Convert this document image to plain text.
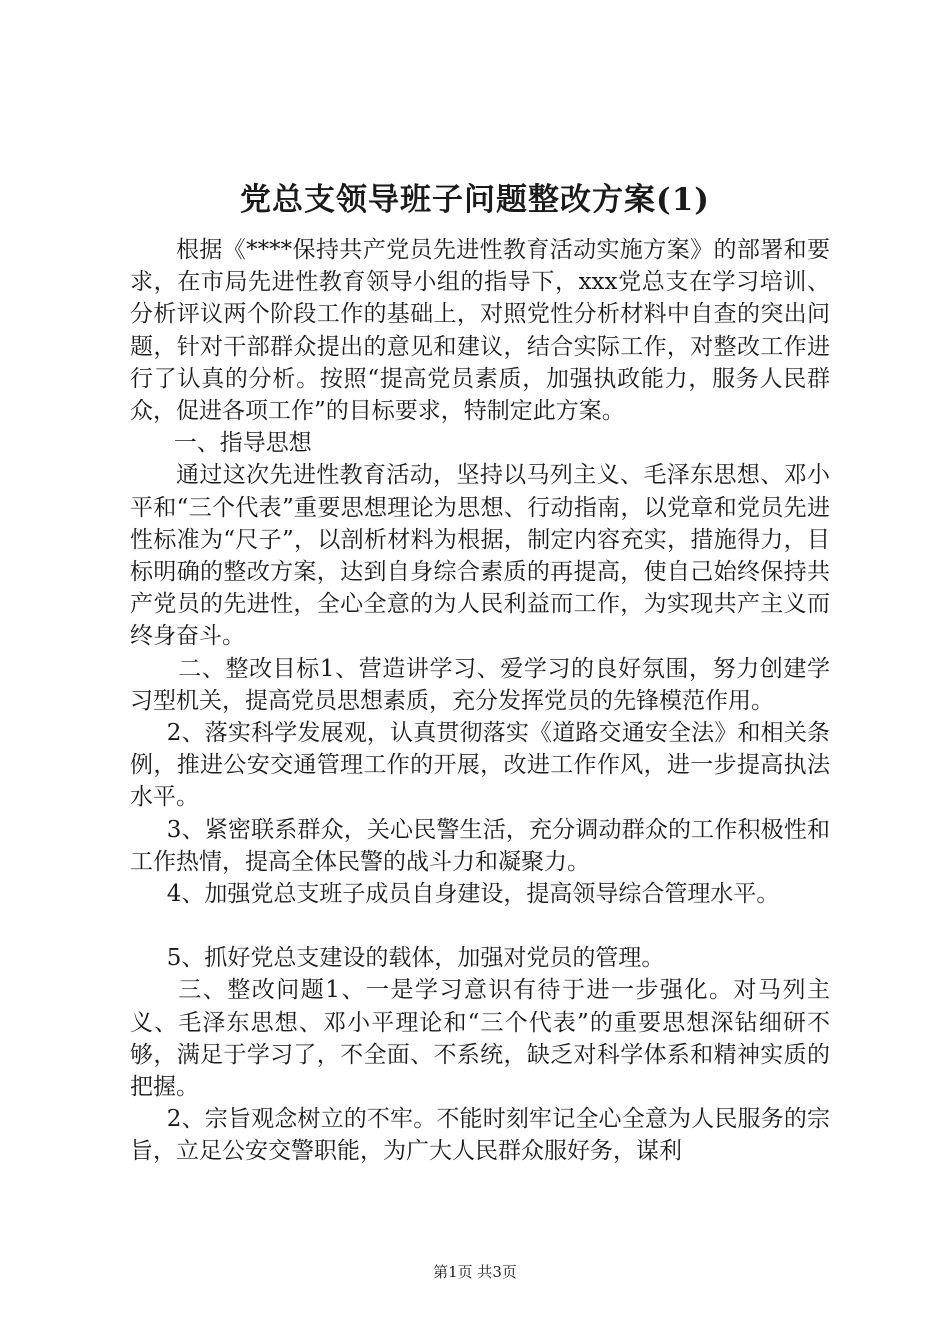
党总支领导班子问题整改方案(1)

根据《****保持共产党员先进性教育活动实施方案》的部署和要求，在市局先进性教育领导小组的指导下，xxx党总支在学习培训、分析评议两个阶段工作的基础上，对照党性分析材料中自查的突出问题，针对干部群众提出的意见和建议，结合实际工作，对整改工作进行了认真的分析。按照“提高党员素质，加强执政能力，服务人民群众，促进各项工作”的目标要求，特制定此方案。

一、指导思想

通过这次先进性教育活动，坚持以马列主义、毛泽东思想、邓小平和“三个代表”重要思想理论为思想、行动指南，以党章和党员先进性标准为“尺子”，以剖析材料为根据，制定内容充实，措施得力，目标明确的整改方案，达到自身综合素质的再提高，使自己始终保持共产党员的先进性，全心全意的为人民利益而工作，为实现共产主义而终身奋斗。

二、整改目标1、营造讲学习、爱学习的良好氛围，努力创建学习型机关，提高党员思想素质，充分发挥党员的先锋模范作用。

2、落实科学发展观，认真贯彻落实《道路交通安全法》和相关条例，推进公安交通管理工作的开展，改进工作作风，进一步提高执法水平。

3、紧密联系群众，关心民警生活，充分调动群众的工作积极性和工作热情，提高全体民警的战斗力和凝聚力。

4、加强党总支班子成员自身建设，提高领导综合管理水平。

5、抓好党总支建设的载体，加强对党员的管理。

三、整改问题1、一是学习意识有待于进一步强化。对马列主义、毛泽东思想、邓小平理论和“三个代表”的重要思想深钻细研不够，满足于学习了，不全面、不系统，缺乏对科学体系和精神实质的把握。

2、宗旨观念树立的不牢。不能时刻牢记全心全意为人民服务的宗旨，立足公安交警职能，为广大人民群众服好务，谋利

第1页 共3页
